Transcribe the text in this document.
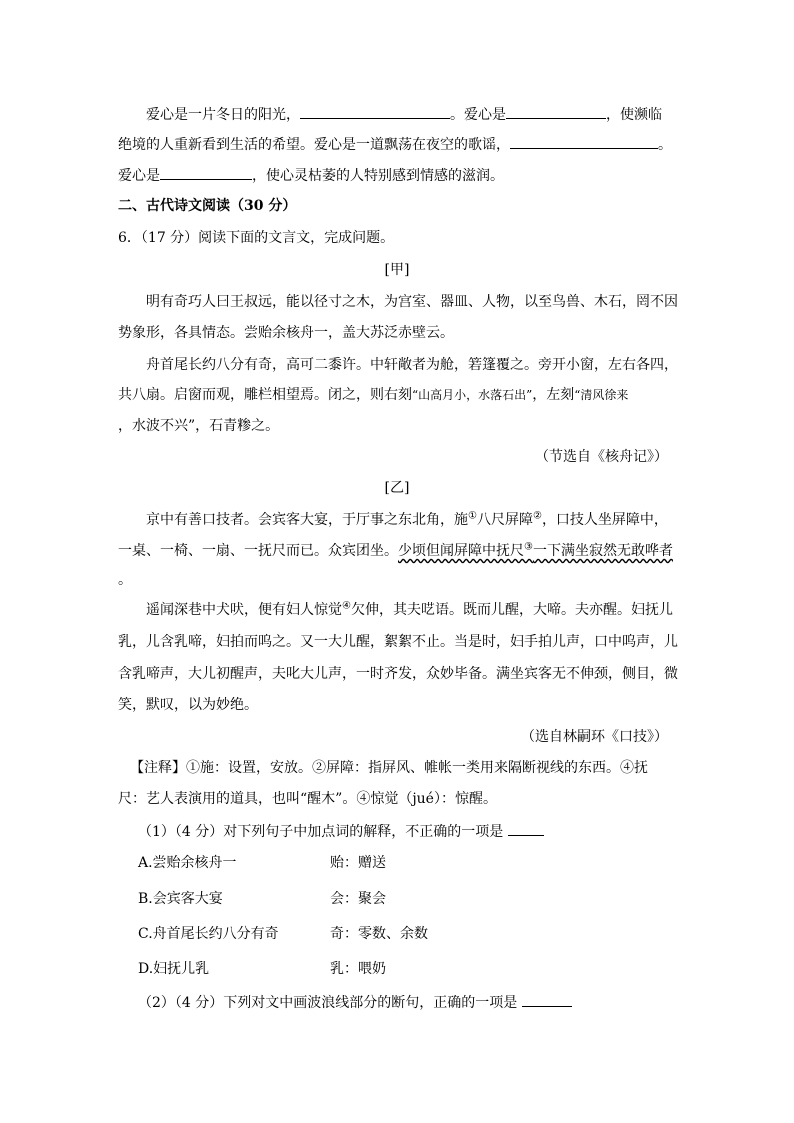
爱心是一片冬日的阳光，	。爱心是	，使濒临
绝境的人重新看到生活的希望。爱心是一道飘荡在夜空的歌谣，	。
爱心是	，使心灵枯萎的人特别感到情感的滋润。
二、古代诗文阅读（30 分）
6．（17 分）阅读下面的文言文，完成问题。
[甲]
明有奇巧人曰王叔远，能以径寸之木，为宫室、器皿、人物，以至鸟兽、木石，罔不因
势象形，各具情态。尝贻余核舟一，盖大苏泛赤壁云。
舟首尾长约八分有奇，高可二黍许。中轩敞者为舱，箬篷覆之。旁开小窗，左右各四，
共八扇。启窗而观，雕栏相望焉。闭之，则右刻“山高月小，水落石出”，左刻“清风徐来
，水波不兴”，石青糁之。
（节选自《核舟记》）
[乙]
京中有善口技者。会宾客大宴，于厅事之东北角，施①八尺屏障②，口技人坐屏障中，
一桌、一椅、一扇、一抚尺而已。众宾团坐。少顷但闻屏障中抚尺③一下满坐寂然无敢哗者
。
遥闻深巷中犬吠，便有妇人惊觉④欠伸，其夫呓语。既而儿醒，大啼。夫亦醒。妇抚儿
乳，儿含乳啼，妇拍而呜之。又一大儿醒，絮絮不止。当是时，妇手拍儿声，口中呜声，儿
含乳啼声，大儿初醒声，夫叱大儿声，一时齐发，众妙毕备。满坐宾客无不伸颈，侧目，微
笑，默叹，以为妙绝。
（选自林嗣环《口技》）
【注释】①施：设置，安放。②屏障：指屏风、帷帐一类用来隔断视线的东西。④抚
尺：艺人表演用的道具，也叫“醒木”。④惊觉（jué）：惊醒。
（1）（4 分）对下列句子中加点词的解释，不正确的一项是
A.尝贻余核舟一	贻：赠送
B.会宾客大宴	会：聚会
C.舟首尾长约八分有奇	奇：零数、余数
D.妇抚儿乳	乳：喂奶
（2）（4 分）下列对文中画波浪线部分的断句，正确的一项是
